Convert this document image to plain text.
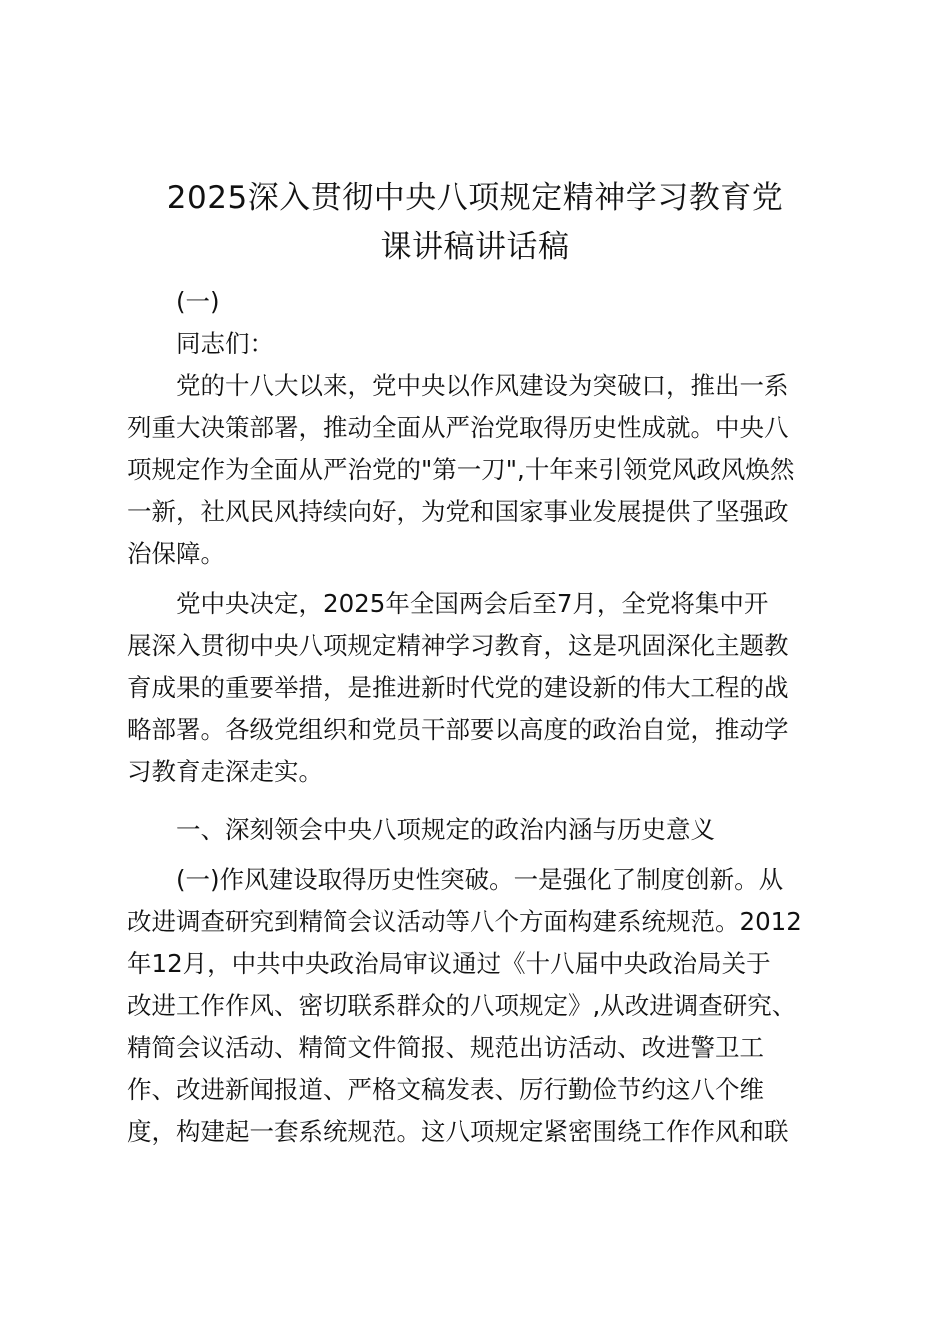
2025深入贯彻中央八项规定精神学习教育党
课讲稿讲话稿

(一)

同志们：

党的十八大以来，党中央以作风建设为突破口，推出一系

列重大决策部署，推动全面从严治党取得历史性成就。中央八

项规定作为全面从严治党的"第一刀",十年来引领党风政风焕然

一新，社风民风持续向好，为党和国家事业发展提供了坚强政

治保障。

党中央决定，2025年全国两会后至7月，全党将集中开

展深入贯彻中央八项规定精神学习教育，这是巩固深化主题教

育成果的重要举措，是推进新时代党的建设新的伟大工程的战

略部署。各级党组织和党员干部要以高度的政治自觉，推动学

习教育走深走实。

一、深刻领会中央八项规定的政治内涵与历史意义

(一)作风建设取得历史性突破。一是强化了制度创新。从

改进调查研究到精简会议活动等八个方面构建系统规范。2012

年12月，中共中央政治局审议通过《十八届中央政治局关于

改进工作作风、密切联系群众的八项规定》,从改进调查研究、

精简会议活动、精简文件简报、规范出访活动、改进警卫工

作、改进新闻报道、严格文稿发表、厉行勤俭节约这八个维

度，构建起一套系统规范。这八项规定紧密围绕工作作风和联
